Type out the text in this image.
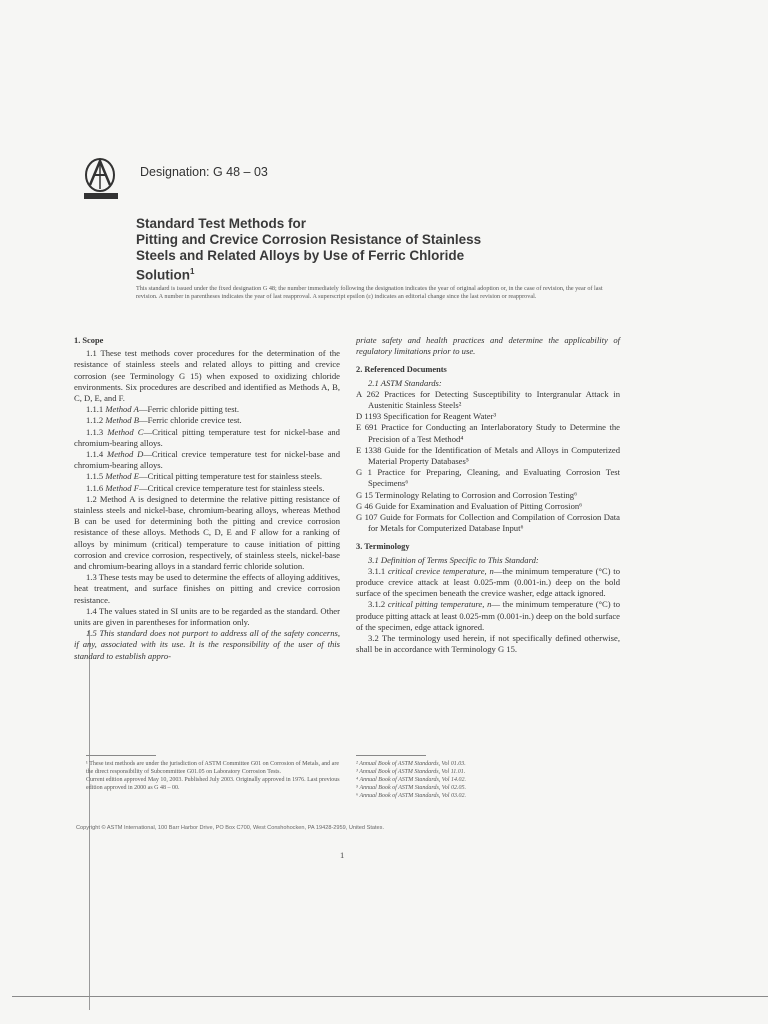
Designation: G 48 – 03
Standard Test Methods for
Pitting and Crevice Corrosion Resistance of Stainless
Steels and Related Alloys by Use of Ferric Chloride
Solution$^1$
This standard is issued under the fixed designation G 48; the number immediately following the designation indicates the year of original adoption or, in the case of revision, the year of last revision. A number in parentheses indicates the year of last reapproval. A superscript epsilon (ε) indicates an editorial change since the last revision or reapproval.

1. Scope

1.1 These test methods cover procedures for the determination of the resistance of stainless steels and related alloys to pitting and crevice corrosion (see Terminology G 15) when exposed to oxidizing chloride environments. Six procedures are described and identified as Methods A, B, C, D, E, and F.

1.1.1 Method A—Ferric chloride pitting test.

1.1.2 Method B—Ferric chloride crevice test.

1.1.3 Method C—Critical pitting temperature test for nickel-base and chromium-bearing alloys.

1.1.4 Method D—Critical crevice temperature test for nickel-base and chromium-bearing alloys.

1.1.5 Method E—Critical pitting temperature test for stainless steels.

1.1.6 Method F—Critical crevice temperature test for stainless steels.

1.2 Method A is designed to determine the relative pitting resistance of stainless steels and nickel-base, chromium-bearing alloys, whereas Method B can be used for determining both the pitting and crevice corrosion resistance of these alloys. Methods C, D, E and F allow for a ranking of alloys by minimum (critical) temperature to cause initiation of pitting corrosion and crevice corrosion, respectively, of stainless steels, nickel-base and chromium-bearing alloys in a standard ferric chloride solution.

1.3 These tests may be used to determine the effects of alloying additives, heat treatment, and surface finishes on pitting and crevice corrosion resistance.

1.4 The values stated in SI units are to be regarded as the standard. Other units are given in parentheses for information only.

1.5 This standard does not purport to address all of the safety concerns, if any, associated with its use. It is the responsibility of the user of this standard to establish appro-

priate safety and health practices and determine the applicability of regulatory limitations prior to use.

2. Referenced Documents

2.1 ASTM Standards:

A 262 Practices for Detecting Susceptibility to Intergranular Attack in Austenitic Stainless Steels²

D 1193 Specification for Reagent Water³

E 691 Practice for Conducting an Interlaboratory Study to Determine the Precision of a Test Method⁴

E 1338 Guide for the Identification of Metals and Alloys in Computerized Material Property Databases⁵

G 1 Practice for Preparing, Cleaning, and Evaluating Corrosion Test Specimens⁶

G 15 Terminology Relating to Corrosion and Corrosion Testing⁶

G 46 Guide for Examination and Evaluation of Pitting Corrosion⁶

G 107 Guide for Formats for Collection and Compilation of Corrosion Data for Metals for Computerized Database Input⁶

3. Terminology

3.1 Definition of Terms Specific to This Standard:

3.1.1 critical crevice temperature, n—the minimum temperature (°C) to produce crevice attack at least 0.025-mm (0.001-in.) deep on the bold surface of the specimen beneath the crevice washer, edge attack ignored.

3.1.2 critical pitting temperature, n— the minimum temperature (°C) to produce pitting attack at least 0.025-mm (0.001-in.) deep on the bold surface of the specimen, edge attack ignored.

3.2 The terminology used herein, if not specifically defined otherwise, shall be in accordance with Terminology G 15.

¹ These test methods are under the jurisdiction of ASTM Committee G01 on Corrosion of Metals, and are the direct responsibility of Subcommittee G01.05 on Laboratory Corrosion Tests.
Current edition approved May 10, 2003. Published July 2003. Originally approved in 1976. Last previous edition approved in 2000 as G 48 – 00.
² Annual Book of ASTM Standards, Vol 01.03.
³ Annual Book of ASTM Standards, Vol 11.01.
⁴ Annual Book of ASTM Standards, Vol 14.02.
⁵ Annual Book of ASTM Standards, Vol 02.05.
⁶ Annual Book of ASTM Standards, Vol 03.02.
Copyright © ASTM International, 100 Barr Harbor Drive, PO Box C700, West Conshohocken, PA 19428-2959, United States.
1
